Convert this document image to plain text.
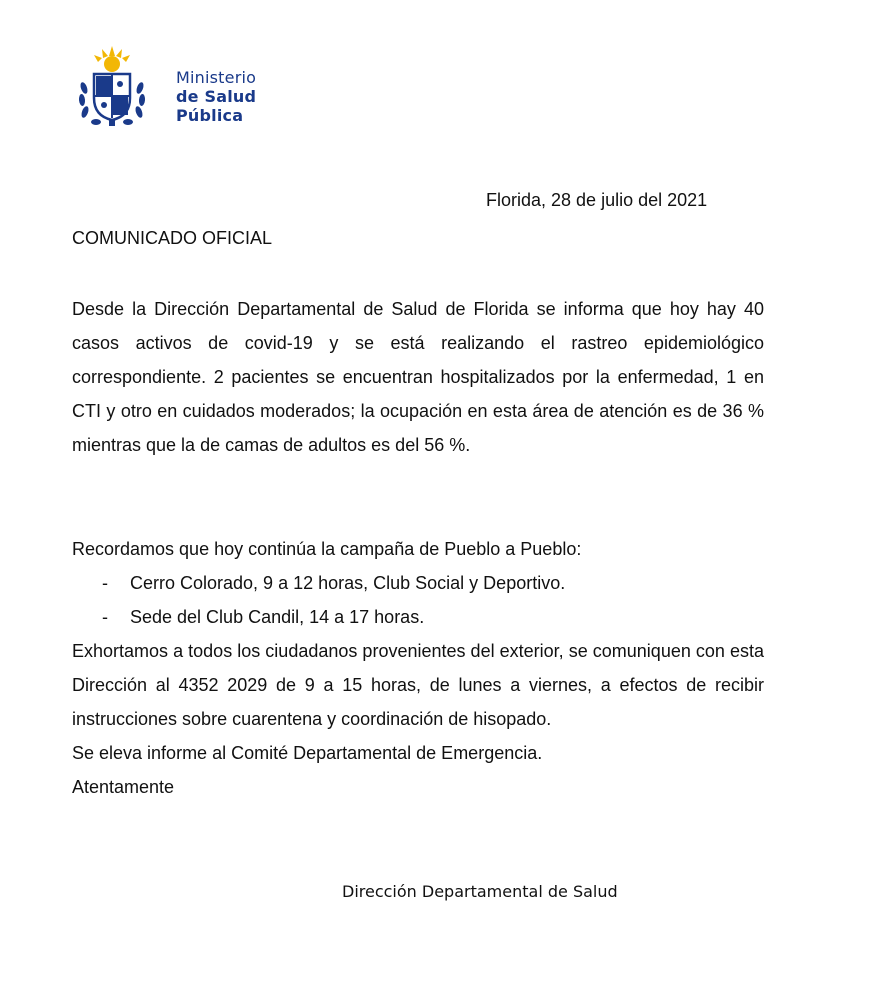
Ministerio
de Salud Pública
Florida, 28 de julio del 2021
COMUNICADO OFICIAL
Desde la Dirección Departamental de Salud de Florida se informa que hoy hay 40 casos activos de covid-19 y se está realizando el rastreo epidemiológico correspondiente. 2 pacientes se encuentran hospitalizados por la enfermedad, 1 en CTI y otro en cuidados moderados; la ocupación en esta área de atención es de 36 % mientras que la de camas de adultos es del 56 %.
Recordamos que hoy continúa la campaña de Pueblo a Pueblo:
- Cerro Colorado, 9 a 12 horas, Club Social y Deportivo.
- Sede del Club Candil, 14 a 17 horas.
Exhortamos a todos los ciudadanos provenientes del exterior, se comuniquen con esta Dirección al 4352 2029 de 9 a 15 horas, de lunes a viernes, a efectos de recibir instrucciones sobre cuarentena y coordinación de hisopado.
Se eleva informe al Comité Departamental de Emergencia.
Atentamente
Dirección Departamental de Salud
